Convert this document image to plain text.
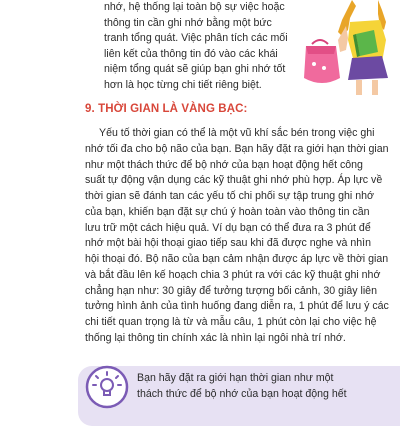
nhớ, hệ thống lại toàn bộ sự việc hoặc
thông tin cần ghi nhớ bằng một bức
tranh tổng quát. Việc phân tích các mối
liên kết của thông tin đó vào các khái
niệm tổng quát sẽ giúp bạn ghi nhớ tốt
hơn là học từng chi tiết riêng biệt.
9. THỜI GIAN LÀ VÀNG BẠC:
Yếu tố thời gian có thể là một vũ khí sắc bén trong việc ghi
nhớ tối đa cho bộ não của bạn. Bạn hãy đặt ra giới hạn thời gian
như một thách thức để bộ nhớ của bạn hoạt động hết công
suất tự động vận dụng các kỹ thuật ghi nhớ phù hợp. Áp lực về
thời gian sẽ đánh tan các yếu tố chi phối sự tập trung ghi nhớ
của bạn, khiến bạn đặt sự chú ý hoàn toàn vào thông tin cần
lưu trữ một cách hiệu quả. Ví dụ bạn có thể đưa ra 3 phút để
nhớ một bài hội thoại giao tiếp sau khi đã được nghe và nhìn
hội thoại đó. Bộ não của bạn cảm nhận được áp lực về thời gian
và bắt đầu lên kế hoạch chia 3 phút ra với các kỹ thuật ghi nhớ
chẳng hạn như: 30 giây để tưởng tượng bối cảnh, 30 giây liên
tưởng hình ảnh của tình huống đang diễn ra, 1 phút để lưu ý các
chi tiết quan trọng là từ và mẫu câu, 1 phút còn lại cho việc hệ
thống lại thông tin chính xác là nhìn lại ngôi nhà trí nhớ.
Bạn hãy đặt ra giới hạn thời gian như một
thách thức để bộ nhớ của bạn hoạt động hết
